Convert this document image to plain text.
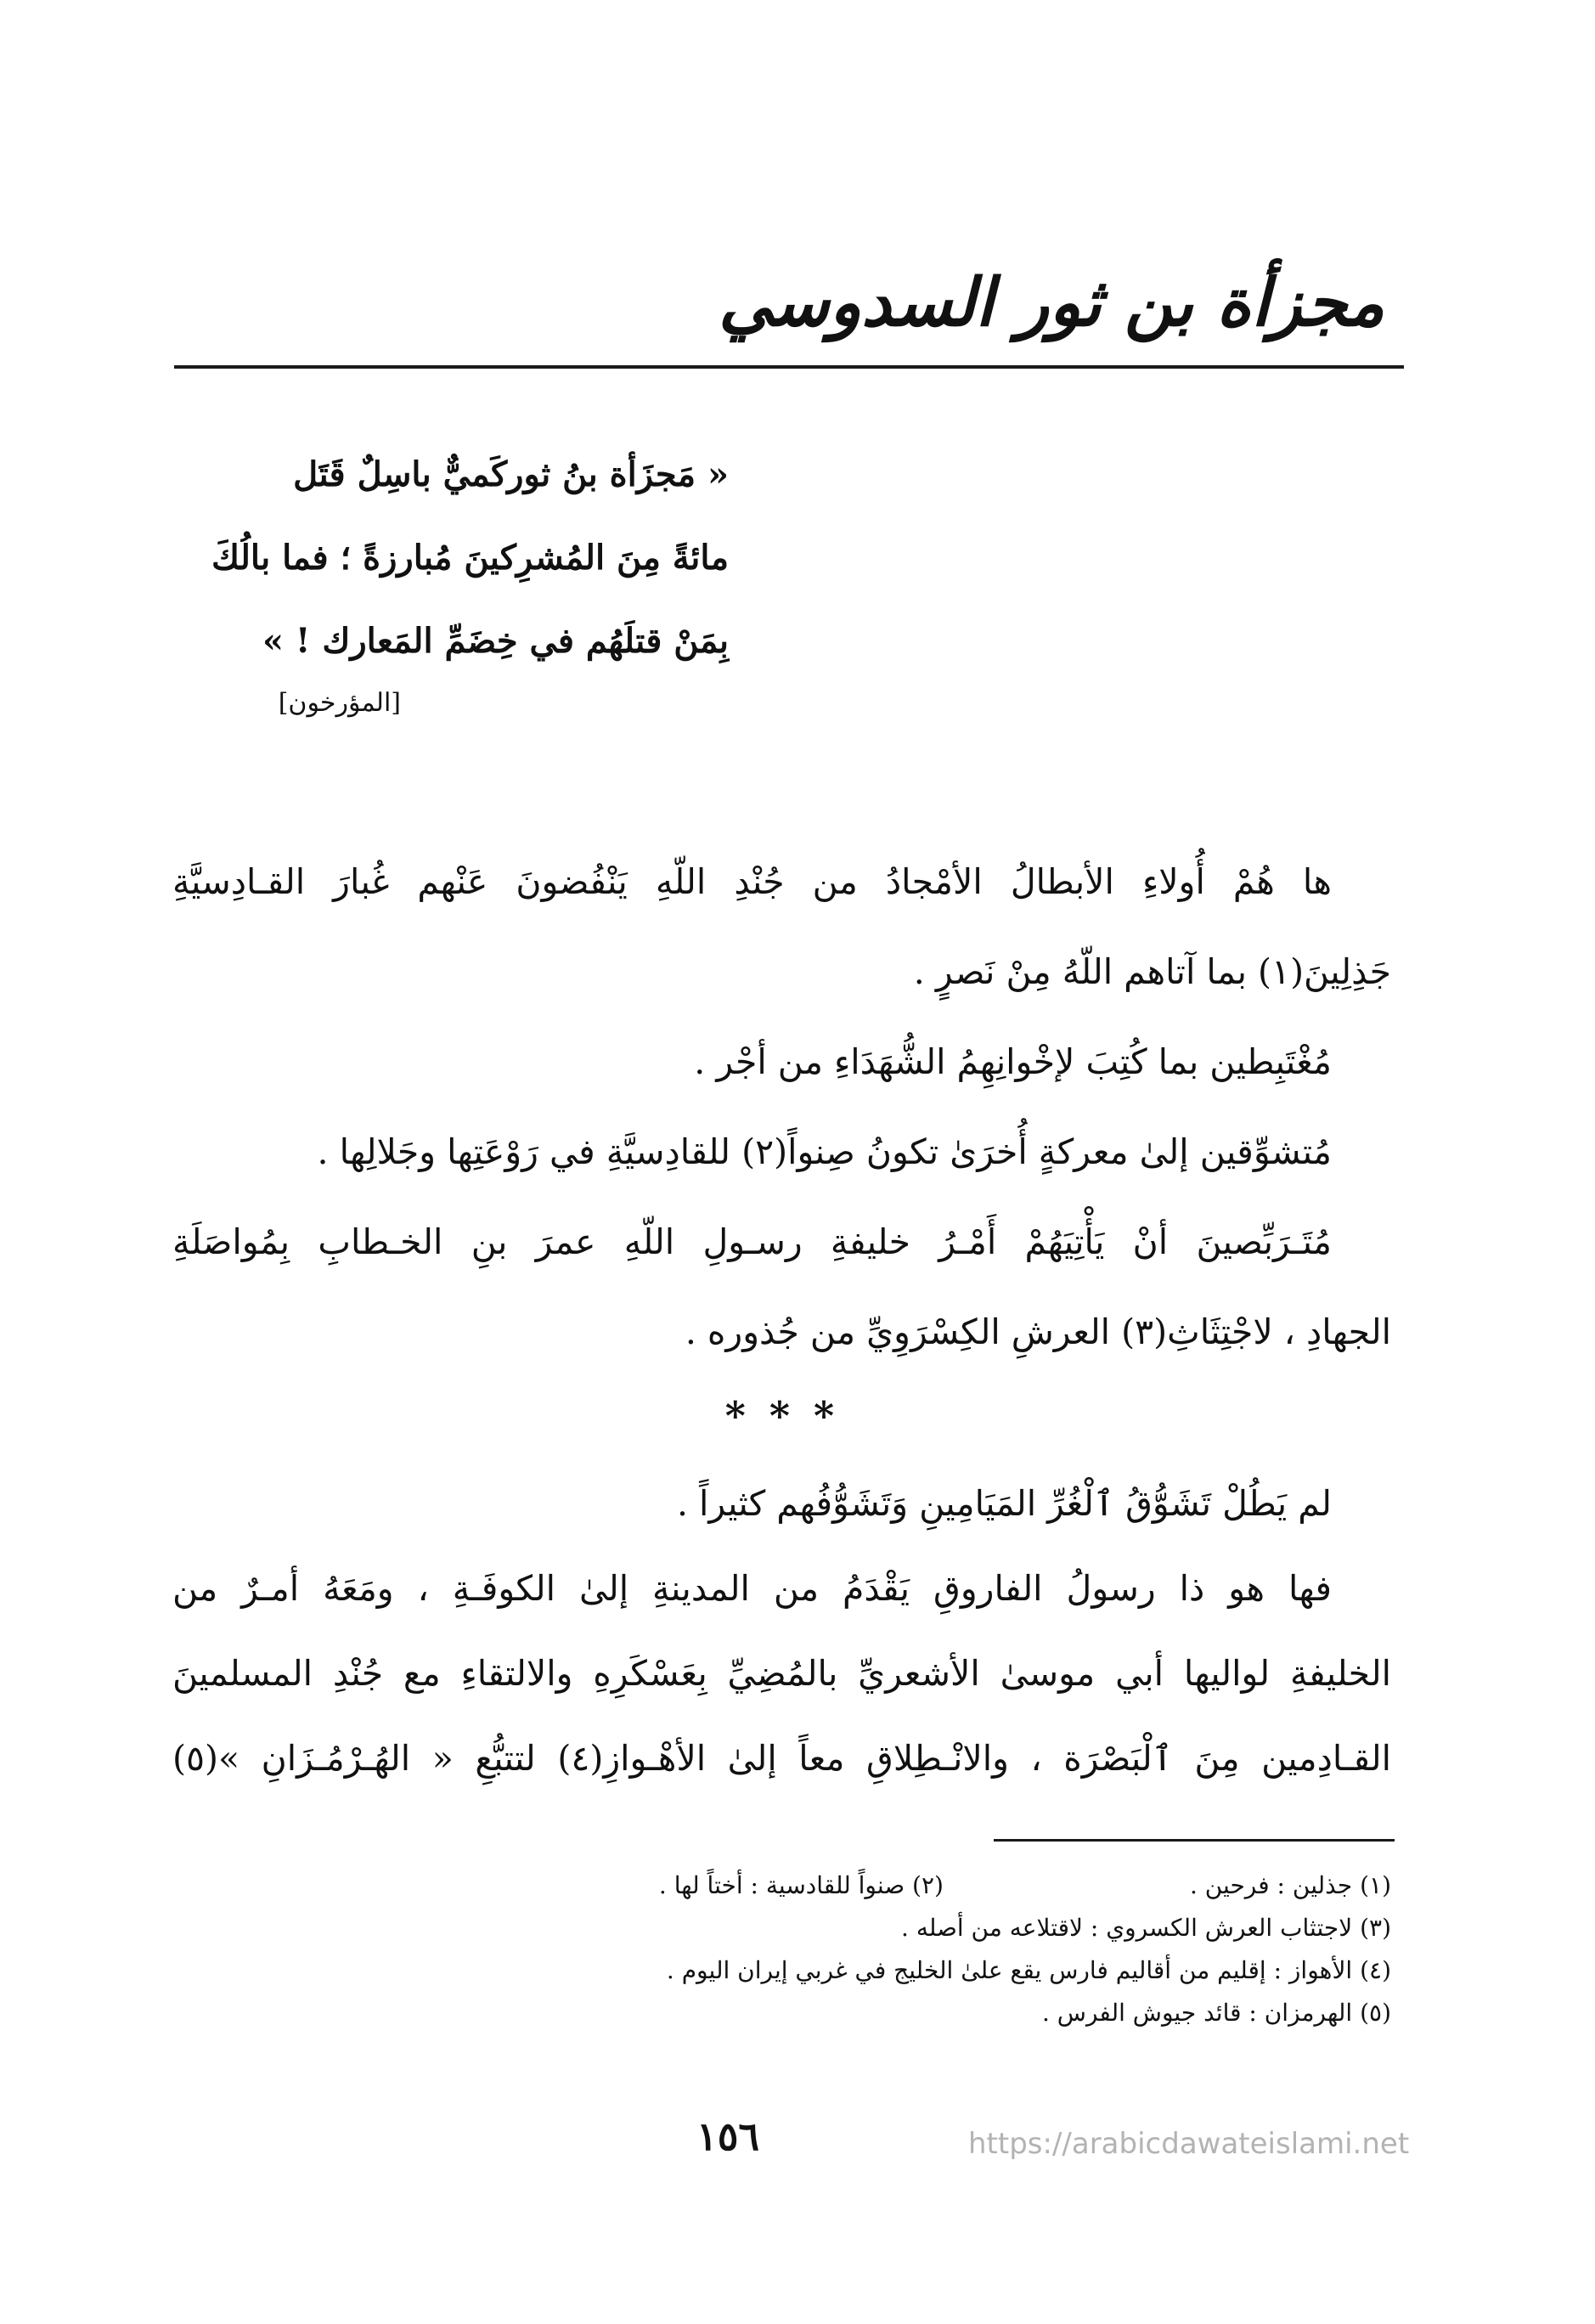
مجزأة بن ثور السدوسي
« مَجزَأة بنُ ثوركَميٌّ باسِلٌ قَتَل
مائةً مِنَ المُشرِكينَ مُبارزةً ؛ فما بالُكَ
بِمَنْ قتلَهُم في خِضَمِّ المَعارك ! »
[المؤرخون]
ها هُمْ أُولاءِ الأبطالُ الأمْجادُ من جُنْدِ اللّهِ يَنْفُضونَ عَنْهم غُبارَ القـادِسيَّةِ
جَذِلِينَ(١) بما آتاهم اللّهُ مِنْ نَصرٍ .
مُغْتَبِطين بما كُتِبَ لإخْوانِهِمُ الشُّهَدَاءِ من أجْر .
مُتشوِّقين إلىٰ معركةٍ أُخرَىٰ تكونُ صِنواً(٢) للقادِسيَّةِ في رَوْعَتِها وجَلالِها .
مُتَـرَبِّصينَ أنْ يَأْتِيَهُمْ أَمْـرُ خليفةِ رسـولِ اللّهِ عمرَ بنِ الخـطابِ بِمُواصَلَةِ
الجهادِ ، لاجْتِثَاثِ(٣) العرشِ الكِسْرَوِيِّ من جُذوره .
* * *
لم يَطُلْ تَشَوُّقُ ٱلْغُرِّ المَيَامِينِ وَتَشَوُّفُهم كثيراً .
فها هو ذا رسولُ الفاروقِ يَقْدَمُ من المدينةِ إلىٰ الكوفَـةِ ، ومَعَهُ أمـرٌ من
الخليفةِ لواليها أبي موسىٰ الأشعريِّ بالمُضِيِّ بِعَسْكَرِهِ والالتقاءِ مع جُنْدِ المسلمينَ
القـادِمين مِنَ ٱلْبَصْرَة ، والانْـطِلاقِ معاً إلىٰ الأهْـوازِ(٤) لتتبُّعِ « الهُـرْمُـزَانِ »(٥)
(١) جذلين : فرحين .
(٢) صنواً للقادسية : أختاً لها .
(٣) لاجتثاب العرش الكسروي : لاقتلاعه من أصله .
(٤) الأهواز : إقليم من أقاليم فارس يقع علىٰ الخليج في غربي إيران اليوم .
(٥) الهرمزان : قائد جيوش الفرس .
١٥٦	https://arabicdawateislami.net
